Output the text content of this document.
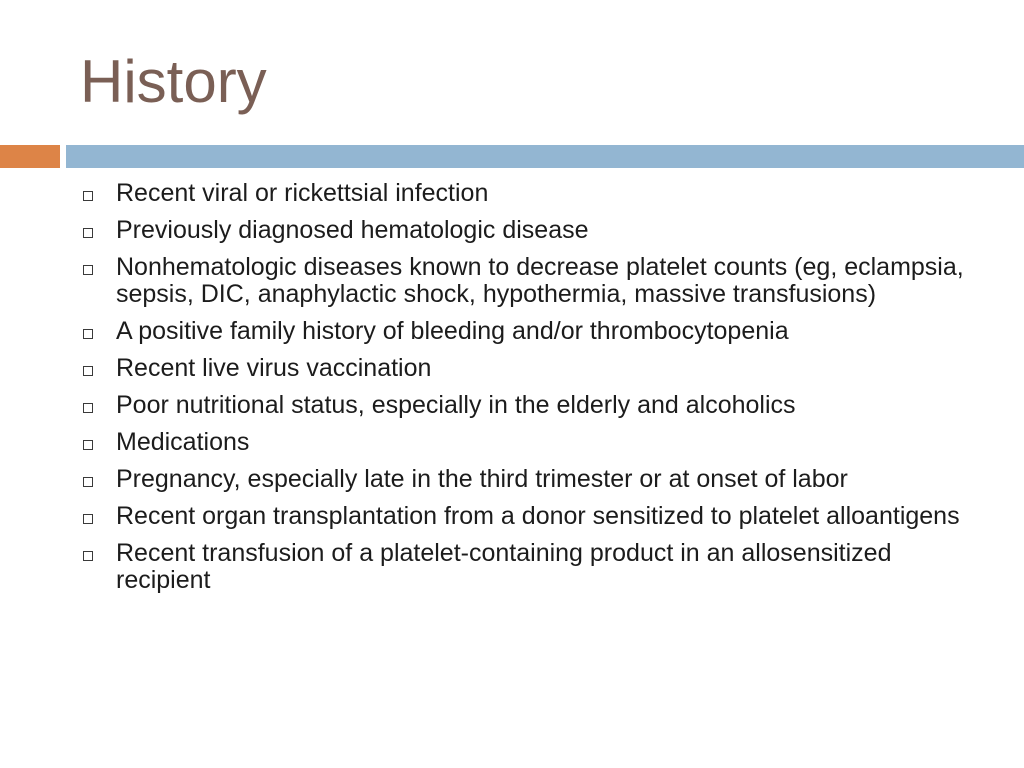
History
Recent viral or rickettsial infection
Previously diagnosed hematologic disease
Nonhematologic diseases known to decrease platelet counts (eg, eclampsia, sepsis, DIC, anaphylactic shock, hypothermia, massive transfusions)
A positive family history of bleeding and/or thrombocytopenia
Recent live virus vaccination
Poor nutritional status, especially in the elderly and alcoholics
Medications
Pregnancy, especially late in the third trimester or at onset of labor
Recent organ transplantation from a donor sensitized to platelet alloantigens
Recent transfusion of a platelet-containing product in an allosensitized recipient
